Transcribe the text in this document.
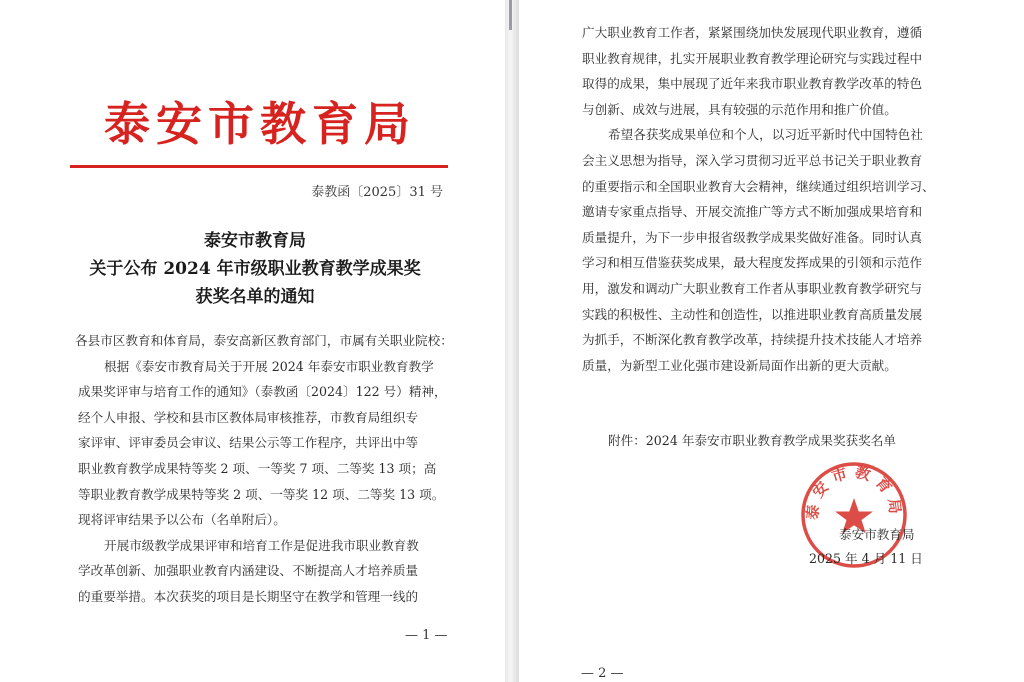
泰安市教育局
泰教函〔2025〕31 号
泰安市教育局
关于公布 2024 年市级职业教育教学成果奖
获奖名单的通知
各县市区教育和体育局，泰安高新区教育部门，市属有关职业院校：
根据《泰安市教育局关于开展 2024 年泰安市职业教育教学
成果奖评审与培育工作的通知》（泰教函〔2024〕122 号）精神，
经个人申报、学校和县市区教体局审核推荐，市教育局组织专
家评审、评审委员会审议、结果公示等工作程序，共评出中等
职业教育教学成果特等奖 2 项、一等奖 7 项、二等奖 13 项；高
等职业教育教学成果特等奖 2 项、一等奖 12 项、二等奖 13 项。
现将评审结果予以公布（名单附后）。
开展市级教学成果评审和培育工作是促进我市职业教育教
学改革创新、加强职业教育内涵建设、不断提高人才培养质量
的重要举措。本次获奖的项目是长期坚守在教学和管理一线的
— 1 —
广大职业教育工作者，紧紧围绕加快发展现代职业教育，遵循
职业教育规律，扎实开展职业教育教学理论研究与实践过程中
取得的成果，集中展现了近年来我市职业教育教学改革的特色
与创新、成效与进展，具有较强的示范作用和推广价值。
希望各获奖成果单位和个人，以习近平新时代中国特色社
会主义思想为指导，深入学习贯彻习近平总书记关于职业教育
的重要指示和全国职业教育大会精神，继续通过组织培训学习、
邀请专家重点指导、开展交流推广等方式不断加强成果培育和
质量提升，为下一步申报省级教学成果奖做好准备。同时认真
学习和相互借鉴获奖成果，最大程度发挥成果的引领和示范作
用，激发和调动广大职业教育工作者从事职业教育教学研究与
实践的积极性、主动性和创造性，以推进职业教育高质量发展
为抓手，不断深化教育教学改革，持续提升技术技能人才培养
质量，为新型工业化强市建设新局面作出新的更大贡献。
附件：2024 年泰安市职业教育教学成果奖获奖名单
泰安市教育局
泰安市教育局
2025 年 4 月 11 日
— 2 —
